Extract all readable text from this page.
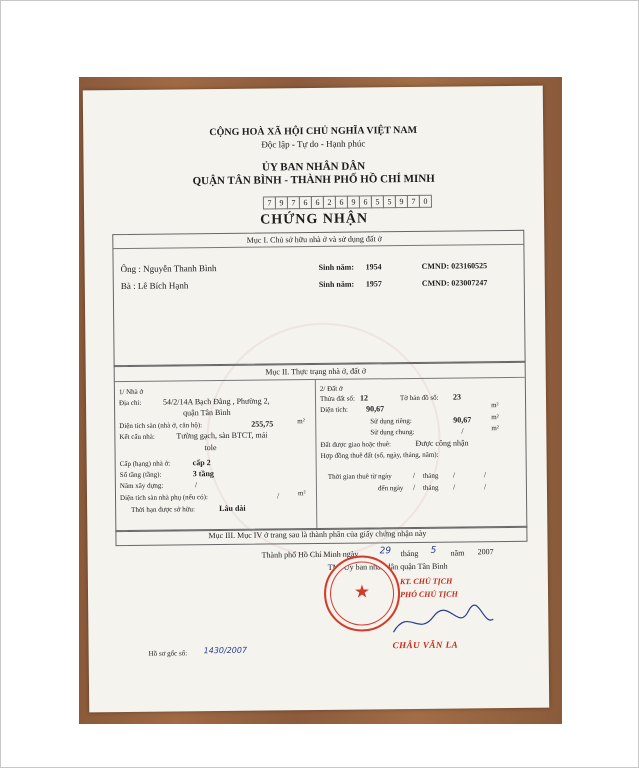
CỘNG HOÀ XÃ HỘI CHỦ NGHĨA VIỆT NAM
Độc lập - Tự do - Hạnh phúc
ỦY BAN NHÂN DÂN
QUẬN TÂN BÌNH - THÀNH PHỐ HỒ CHÍ MINH
7 9 7 6 6 2 6 9 6 5 5 9 7 0
CHỨNG NHẬN
Mục I. Chủ sở hữu nhà ở và sử dụng đất ở
Ông : Nguyễn Thanh Bình	Sinh năm: 1954	CMND: 023160525
Bà : Lê Bích Hạnh	Sinh năm: 1957	CMND: 023007247
Mục II. Thực trạng nhà ở, đất ở
1/ Nhà ở
Địa chỉ:	54/2/14A Bạch Đằng , Phường 2,
quận Tân Bình
Diện tích sàn (nhà ở, căn hộ):	255,75	m²
Kết cấu nhà:	Tường gạch, sàn BTCT, mái
tole
Cấp (hạng) nhà ở:	cấp 2
Số tầng (tầng):	3 tầng
Năm xây dựng:	/
Diện tích sàn nhà phụ (nếu có):	/	m²
Thời hạn được sở hữu:	Lâu dài
2/ Đất ở
Thửa đất số: 12	Tờ bản đồ số: 23
Diện tích: 90,67	m²
Sử dụng riêng:	90,67	m²
Sử dụng chung:	/	m²
Đất được giao hoặc thuê:	Được công nhận
Hợp đồng thuê đất (số, ngày, tháng, năm):
Thời gian thuê từ ngày	/ tháng /	/
đến ngày / tháng /	/
Mục III. Mục IV ở trang sau là thành phần của giấy chứng nhận này
Thành phố Hồ Chí Minh ngày 29 tháng 5 năm 2007
TM. Ủy ban nhân dân quận Tân Bình
KT. CHỦ TỊCH
PHÓ CHỦ TỊCH
★
CHÂU VĂN LA
Hồ sơ gốc số: 1430/2007
